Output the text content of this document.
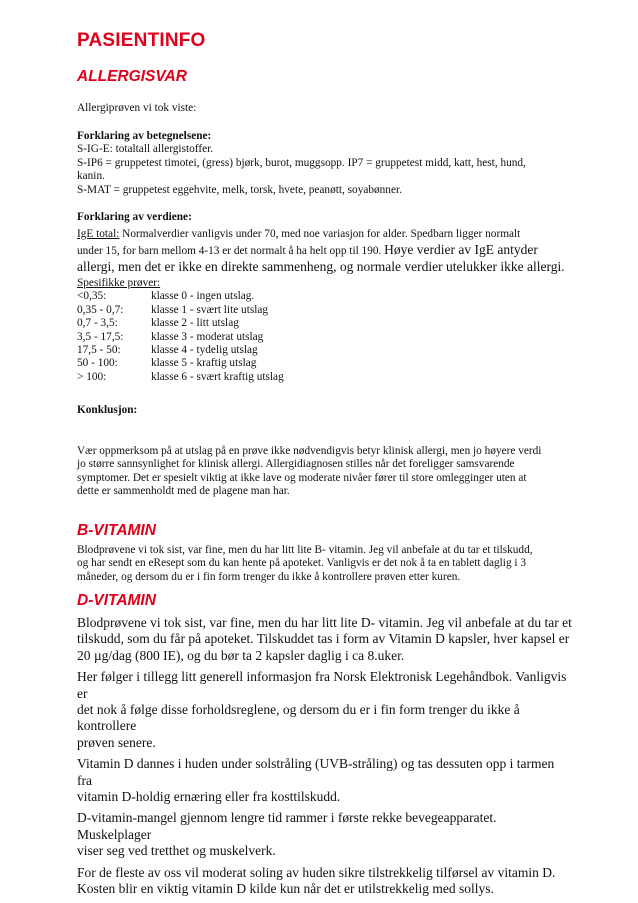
PASIENTINFO
ALLERGISVAR

Allergiprøven vi tok viste:

Forklaring av betegnelsene:

S-IG-E: totaltall allergistoffer.

S-IP6 = gruppetest timotei, (gress) bjørk, burot, muggsopp. IP7 = gruppetest midd, katt, hest, hund,

kanin.

S-MAT = gruppetest eggehvite, melk, torsk, hvete, peanøtt, soyabønner.

Forklaring av verdiene:

IgE total: Normalverdier vanligvis under 70, med noe variasjon for alder. Spedbarn ligger normalt

under 15, for barn mellom 4-13 er det normalt å ha helt opp til 190. Høye verdier av IgE antyder

allergi, men det er ikke en direkte sammenheng, og normale verdier utelukker ikke allergi.

Spesifikke prøver:

<0,35:	klasse 0 - ingen utslag.
0,35 - 0,7:	klasse 1 - svært lite utslag
0,7 - 3,5:	klasse 2 - litt utslag
3,5 - 17,5:	klasse 3 - moderat utslag
17,5 - 50:	klasse 4 - tydelig utslag
50 - 100:	klasse 5 - kraftig utslag
> 100:	klasse 6 - svært kraftig utslag

Konklusjon:

Vær oppmerksom på at utslag på en prøve ikke nødvendigvis betyr klinisk allergi, men jo høyere verdi

jo større sannsynlighet for klinisk allergi. Allergidiagnosen stilles når det foreligger samsvarende

symptomer. Det er spesielt viktig at ikke lave og moderate nivåer fører til store omlegginger uten at

dette er sammenholdt med de plagene man har.

B-VITAMIN

Blodprøvene vi tok sist, var fine, men du har litt lite B- vitamin. Jeg vil anbefale at du tar et tilskudd,

og har sendt en eResept som du kan hente på apoteket. Vanligvis er det nok å ta en tablett daglig i 3

måneder, og dersom du er i fin form trenger du ikke å kontrollere prøven etter kuren.

D-VITAMIN

Blodprøvene vi tok sist, var fine, men du har litt lite D- vitamin. Jeg vil anbefale at du tar et

tilskudd, som du får på apoteket. Tilskuddet tas i form av Vitamin D kapsler, hver kapsel er

20 µg/dag (800 IE), og du bør ta 2 kapsler daglig i ca 8.uker.

Her følger i tillegg litt generell informasjon fra Norsk Elektronisk Legehåndbok. Vanligvis er

det nok å følge disse forholdsreglene, og dersom du er i fin form trenger du ikke å kontrollere

prøven senere.

Vitamin D dannes i huden under solstråling (UVB-stråling) og tas dessuten opp i tarmen fra

vitamin D-holdig ernæring eller fra kosttilskudd.

D-vitamin-mangel gjennom lengre tid rammer i første rekke bevegeapparatet. Muskelplager

viser seg ved tretthet og muskelverk.

For de fleste av oss vil moderat soling av huden sikre tilstrekkelig tilførsel av vitamin D.

Kosten blir en viktig vitamin D kilde kun når det er utilstrekkelig med sollys.
